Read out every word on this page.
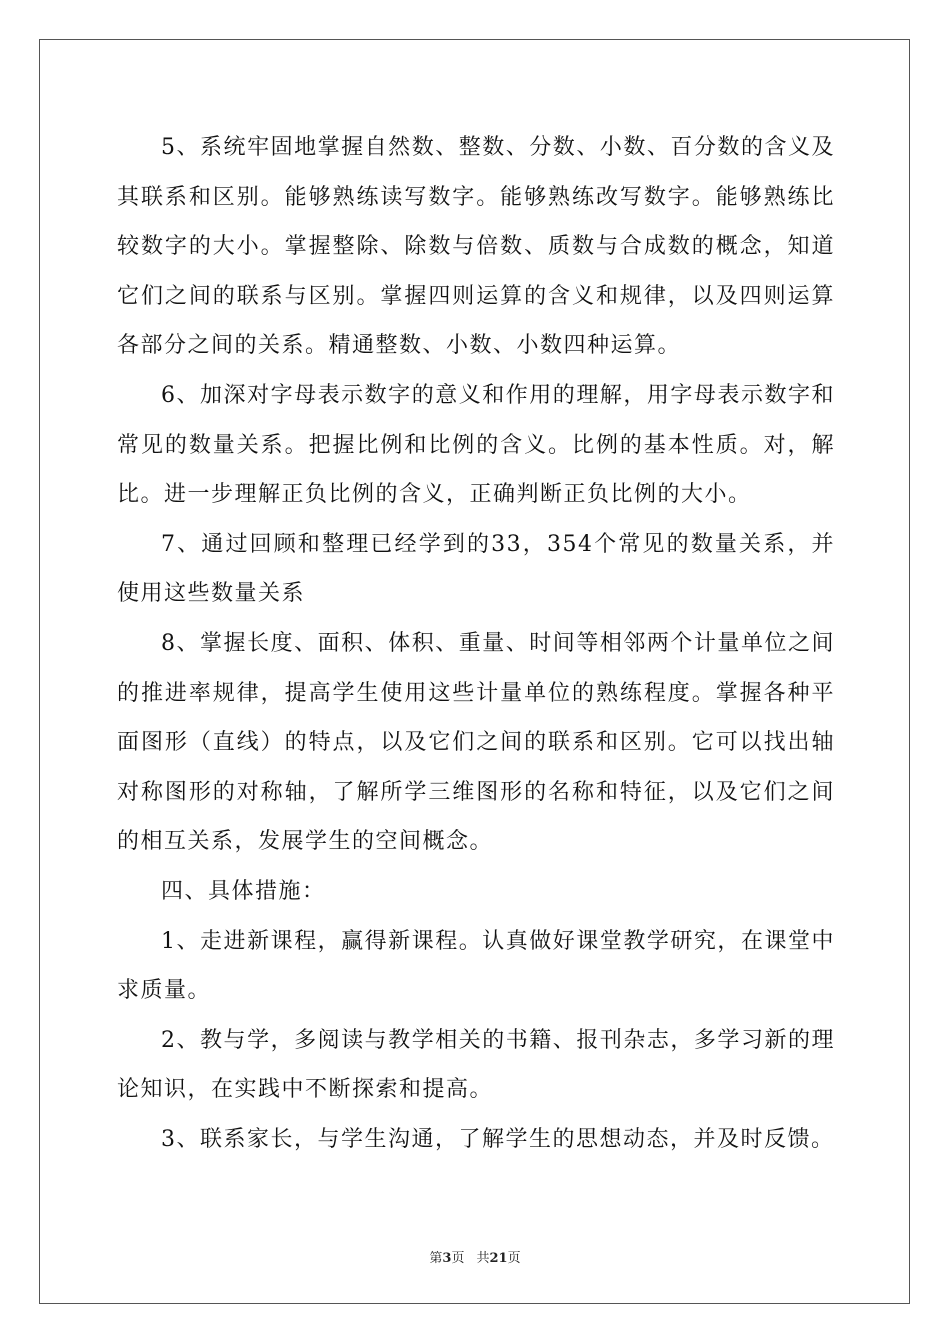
5、系统牢固地掌握自然数、整数、分数、小数、百分数的含义及其联系和区别。能够熟练读写数字。能够熟练改写数字。能够熟练比较数字的大小。掌握整除、除数与倍数、质数与合成数的概念，知道它们之间的联系与区别。掌握四则运算的含义和规律，以及四则运算各部分之间的关系。精通整数、小数、小数四种运算。

6、加深对字母表示数字的意义和作用的理解，用字母表示数字和常见的数量关系。把握比例和比例的含义。比例的基本性质。对，解比。进一步理解正负比例的含义，正确判断正负比例的大小。

7、通过回顾和整理已经学到的33，354个常见的数量关系，并使用这些数量关系

8、掌握长度、面积、体积、重量、时间等相邻两个计量单位之间的推进率规律，提高学生使用这些计量单位的熟练程度。掌握各种平面图形（直线）的特点，以及它们之间的联系和区别。它可以找出轴对称图形的对称轴，了解所学三维图形的名称和特征，以及它们之间的相互关系，发展学生的空间概念。

四、具体措施：

1、走进新课程，赢得新课程。认真做好课堂教学研究，在课堂中求质量。

2、教与学，多阅读与教学相关的书籍、报刊杂志，多学习新的理论知识，在实践中不断探索和提高。

3、联系家长，与学生沟通，了解学生的思想动态，并及时反馈。

第3页 共21页
